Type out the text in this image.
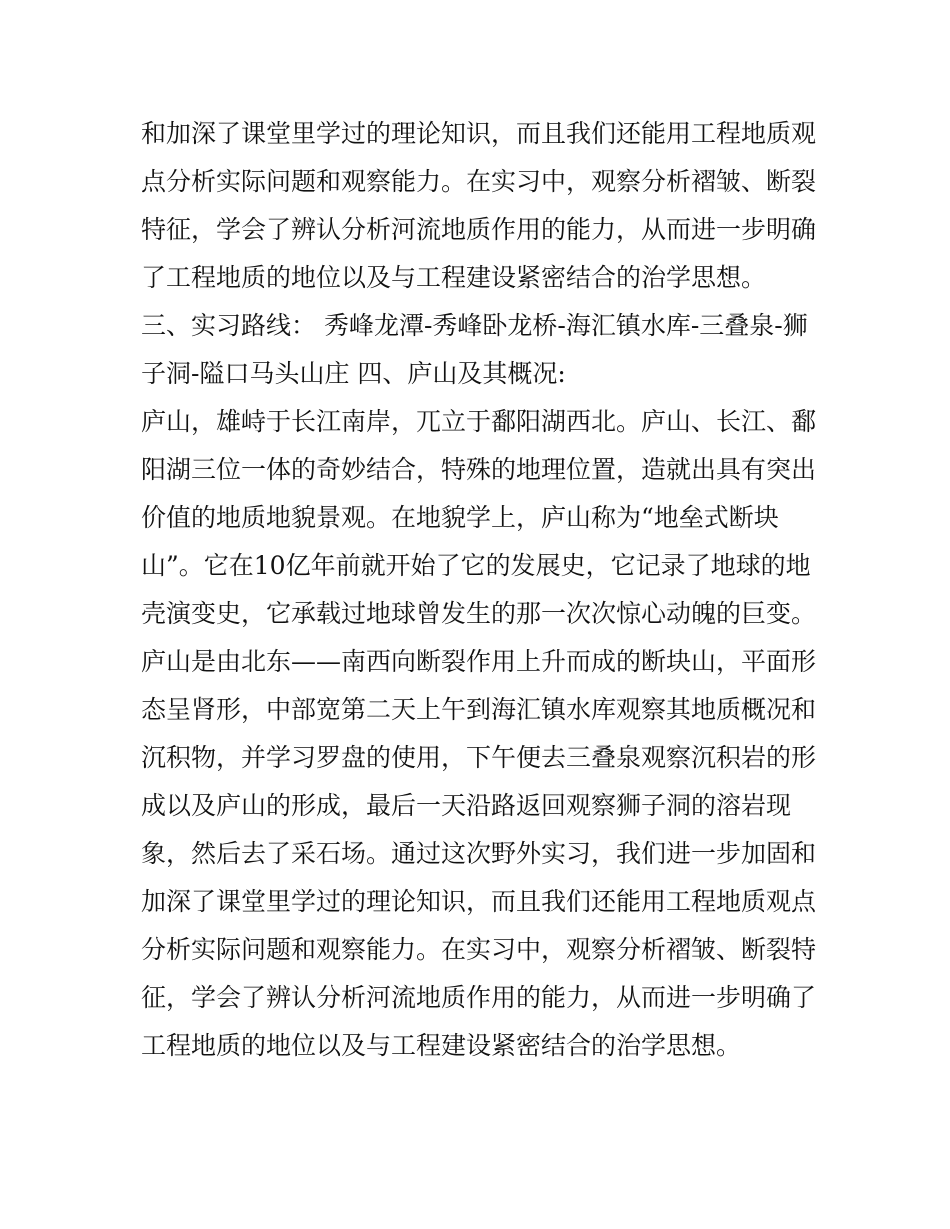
和加深了课堂里学过的理论知识，而且我们还能用工程地质观
点分析实际问题和观察能力。在实习中，观察分析褶皱、断裂
特征，学会了辨认分析河流地质作用的能力，从而进一步明确
了工程地质的地位以及与工程建设紧密结合的治学思想。
三、实习路线： 秀峰龙潭-秀峰卧龙桥-海汇镇水库-三叠泉-狮
子洞-隘口马头山庄 四、庐山及其概况:
庐山，雄峙于长江南岸，兀立于鄱阳湖西北。庐山、长江、鄱
阳湖三位一体的奇妙结合，特殊的地理位置，造就出具有突出
价值的地质地貌景观。在地貌学上，庐山称为“地垒式断块
山”。它在10亿年前就开始了它的发展史，它记录了地球的地
壳演变史，它承载过地球曾发生的那一次次惊心动魄的巨变。
庐山是由北东——南西向断裂作用上升而成的断块山，平面形
态呈肾形，中部宽第二天上午到海汇镇水库观察其地质概况和
沉积物，并学习罗盘的使用，下午便去三叠泉观察沉积岩的形
成以及庐山的形成，最后一天沿路返回观察狮子洞的溶岩现
象，然后去了采石场。通过这次野外实习，我们进一步加固和
加深了课堂里学过的理论知识，而且我们还能用工程地质观点
分析实际问题和观察能力。在实习中，观察分析褶皱、断裂特
征，学会了辨认分析河流地质作用的能力，从而进一步明确了
工程地质的地位以及与工程建设紧密结合的治学思想。
